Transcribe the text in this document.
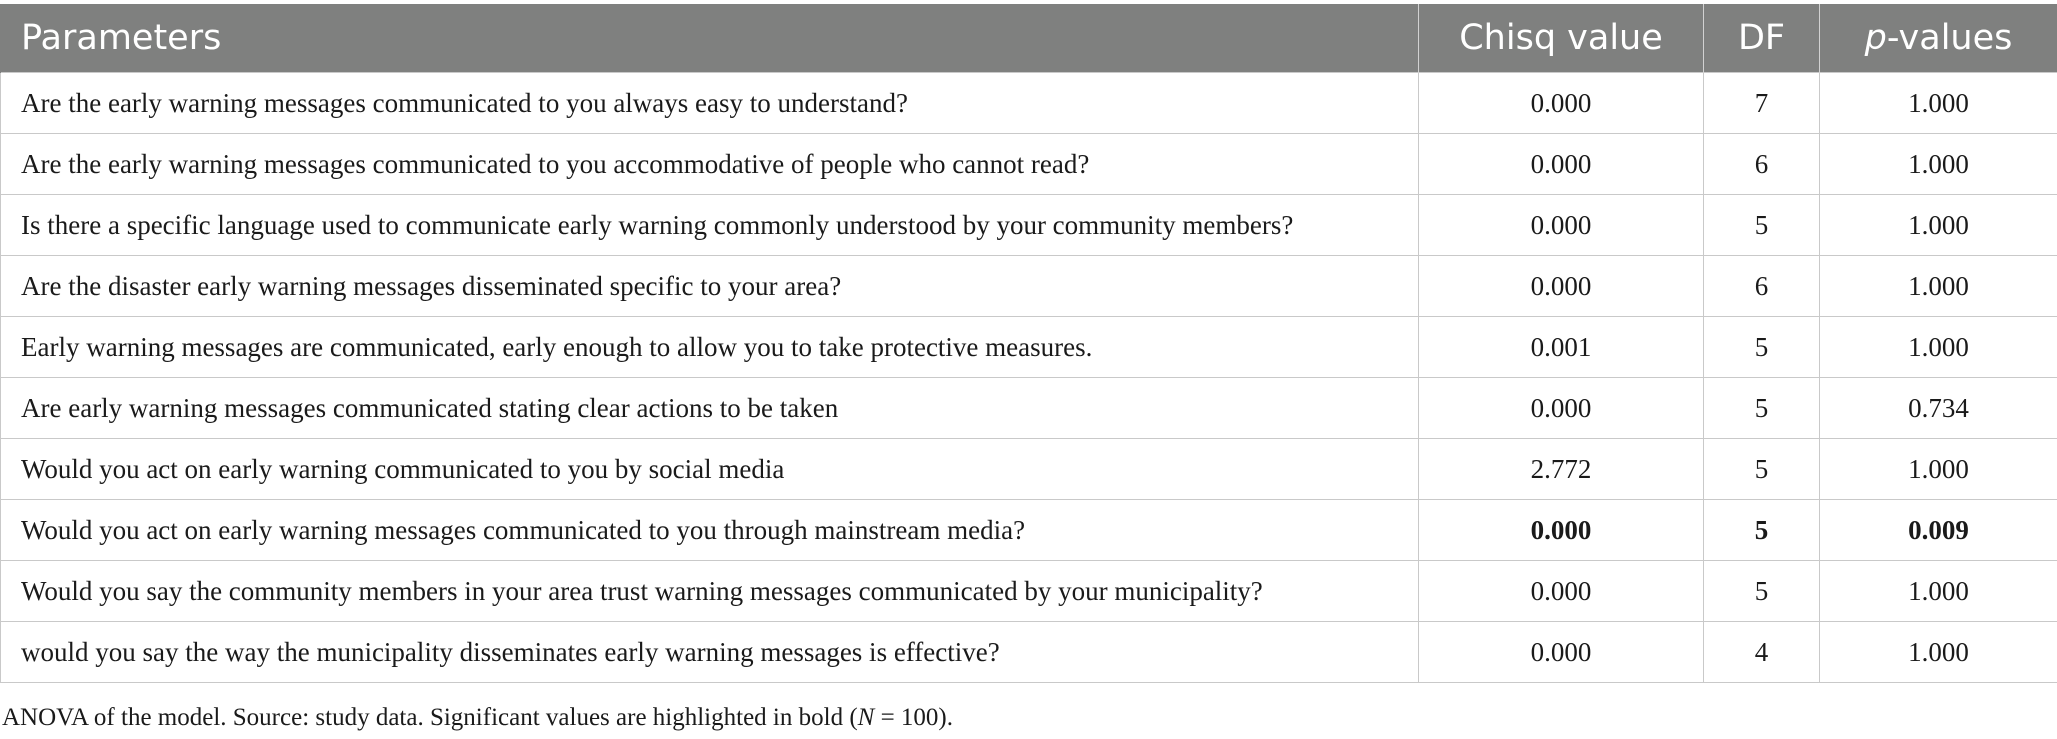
Parameters	Chisq value	DF	p-values
Are the early warning messages communicated to you always easy to understand?	0.000	7	1.000
Are the early warning messages communicated to you accommodative of people who cannot read?	0.000	6	1.000
Is there a specific language used to communicate early warning commonly understood by your community members?	0.000	5	1.000
Are the disaster early warning messages disseminated specific to your area?	0.000	6	1.000
Early warning messages are communicated, early enough to allow you to take protective measures.	0.001	5	1.000
Are early warning messages communicated stating clear actions to be taken	0.000	5	0.734
Would you act on early warning communicated to you by social media	2.772	5	1.000
Would you act on early warning messages communicated to you through mainstream media?	0.000	5	0.009
Would you say the community members in your area trust warning messages communicated by your municipality?	0.000	5	1.000
would you say the way the municipality disseminates early warning messages is effective?	0.000	4	1.000
ANOVA of the model. Source: study data. Significant values are highlighted in bold (N = 100).
